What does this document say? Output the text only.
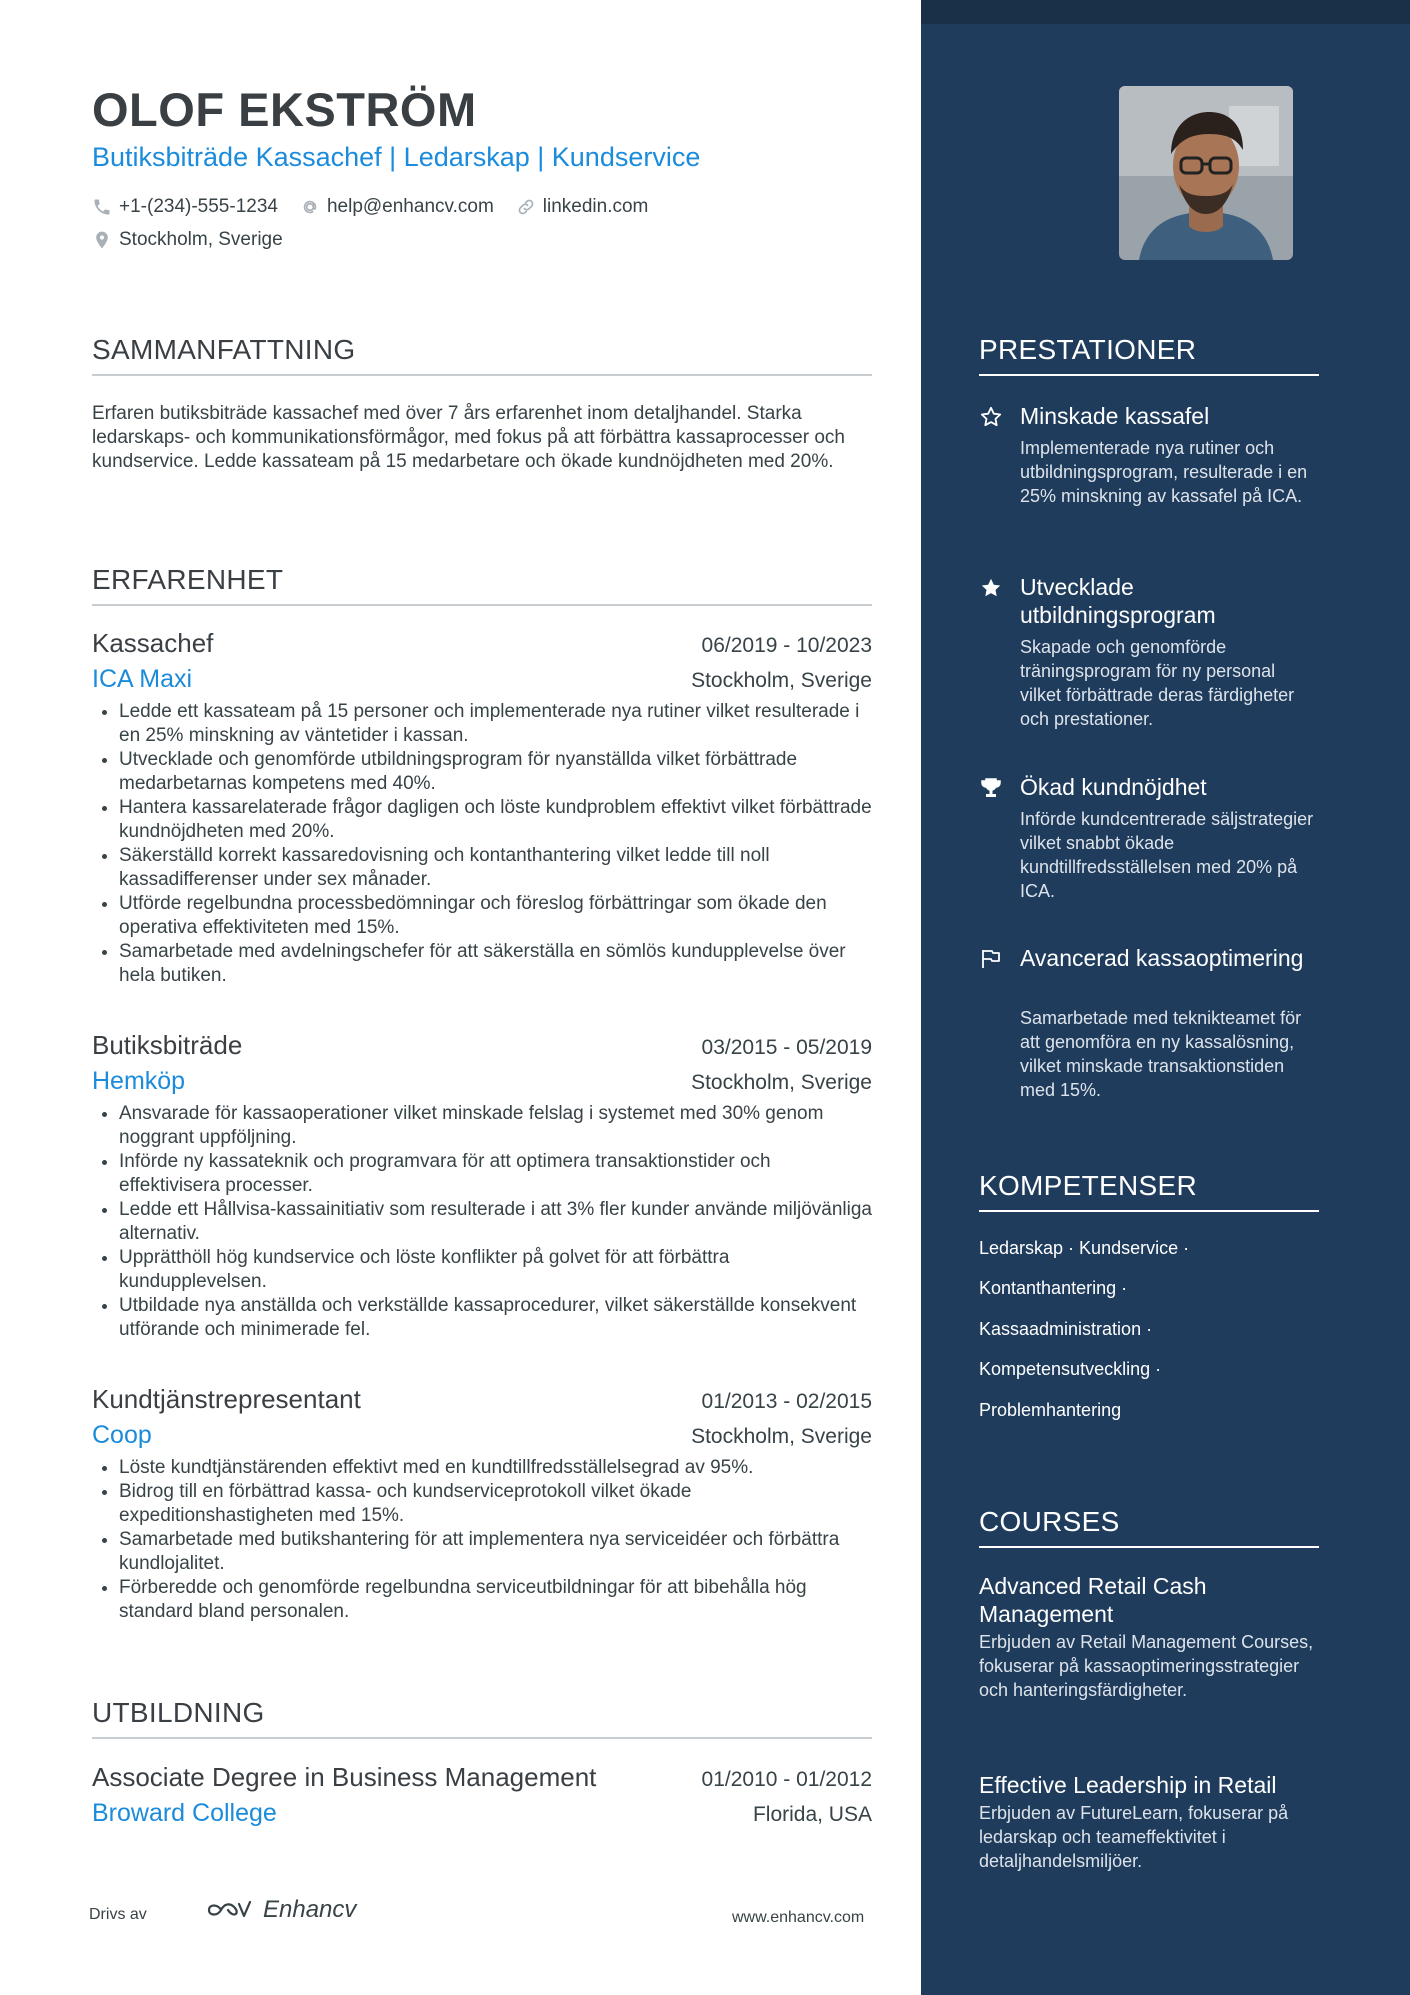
OLOF EKSTRÖM
Butiksbiträde Kassachef | Ledarskap | Kundservice
+1-(234)-555-1234	help@enhancv.com	linkedin.com
Stockholm, Sverige
SAMMANFATTNING

Erfaren butiksbiträde kassachef med över 7 års erfarenhet inom detaljhandel. Starka ledarskaps- och kommunikationsförmågor, med fokus på att förbättra kassaprocesser och kundservice. Ledde kassateam på 15 medarbetare och ökade kundnöjdheten med 20%.

ERFARENHET
Kassachef	06/2019 - 10/2023
ICA Maxi	Stockholm, Sverige
• Ledde ett kassateam på 15 personer och implementerade nya rutiner vilket resulterade i en 25% minskning av väntetider i kassan.
• Utvecklade och genomförde utbildningsprogram för nyanställda vilket förbättrade medarbetarnas kompetens med 40%.
• Hantera kassarelaterade frågor dagligen och löste kundproblem effektivt vilket förbättrade kundnöjdheten med 20%.
• Säkerställd korrekt kassaredovisning och kontanthantering vilket ledde till noll kassadifferenser under sex månader.
• Utförde regelbundna processbedömningar och föreslog förbättringar som ökade den operativa effektiviteten med 15%.
• Samarbetade med avdelningschefer för att säkerställa en sömlös kundupplevelse över hela butiken.
Butiksbiträde	03/2015 - 05/2019
Hemköp	Stockholm, Sverige
• Ansvarade för kassaoperationer vilket minskade felslag i systemet med 30% genom noggrant uppföljning.
• Införde ny kassateknik och programvara för att optimera transaktionstider och effektivisera processer.
• Ledde ett Hållvisa-kassainitiativ som resulterade i att 3% fler kunder använde miljövänliga alternativ.
• Upprätthöll hög kundservice och löste konflikter på golvet för att förbättra kundupplevelsen.
• Utbildade nya anställda och verkställde kassaprocedurer, vilket säkerställde konsekvent utförande och minimerade fel.
Kundtjänstrepresentant	01/2013 - 02/2015
Coop	Stockholm, Sverige
• Löste kundtjänstärenden effektivt med en kundtillfredsställelsegrad av 95%.
• Bidrog till en förbättrad kassa- och kundserviceprotokoll vilket ökade expeditionshastigheten med 15%.
• Samarbetade med butikshantering för att implementera nya serviceidéer och förbättra kundlojalitet.
• Förberedde och genomförde regelbundna serviceutbildningar för att bibehålla hög standard bland personalen.
UTBILDNING
Associate Degree in Business Management	01/2010 - 01/2012
Broward College	Florida, USA
Drivs av	Enhancv	www.enhancv.com
PRESTATIONER
Minskade kassafel
Implementerade nya rutiner och utbildningsprogram, resulterade i en 25% minskning av kassafel på ICA.
Utvecklade utbildningsprogram
Skapade och genomförde träningsprogram för ny personal vilket förbättrade deras färdigheter och prestationer.
Ökad kundnöjdhet
Införde kundcentrerade säljstrategier vilket snabbt ökade kundtillfredsställelsen med 20% på ICA.
Avancerad kassaoptimering
Samarbetade med teknikteamet för att genomföra en ny kassalösning, vilket minskade transaktionstiden med 15%.
KOMPETENSER
Ledarskap · Kundservice ·
Kontanthantering ·
Kassaadministration ·
Kompetensutveckling ·
Problemhantering
COURSES
Advanced Retail Cash Management
Erbjuden av Retail Management Courses, fokuserar på kassaoptimeringsstrategier och hanteringsfärdigheter.
Effective Leadership in Retail
Erbjuden av FutureLearn, fokuserar på ledarskap och teameffektivitet i detaljhandelsmiljöer.
